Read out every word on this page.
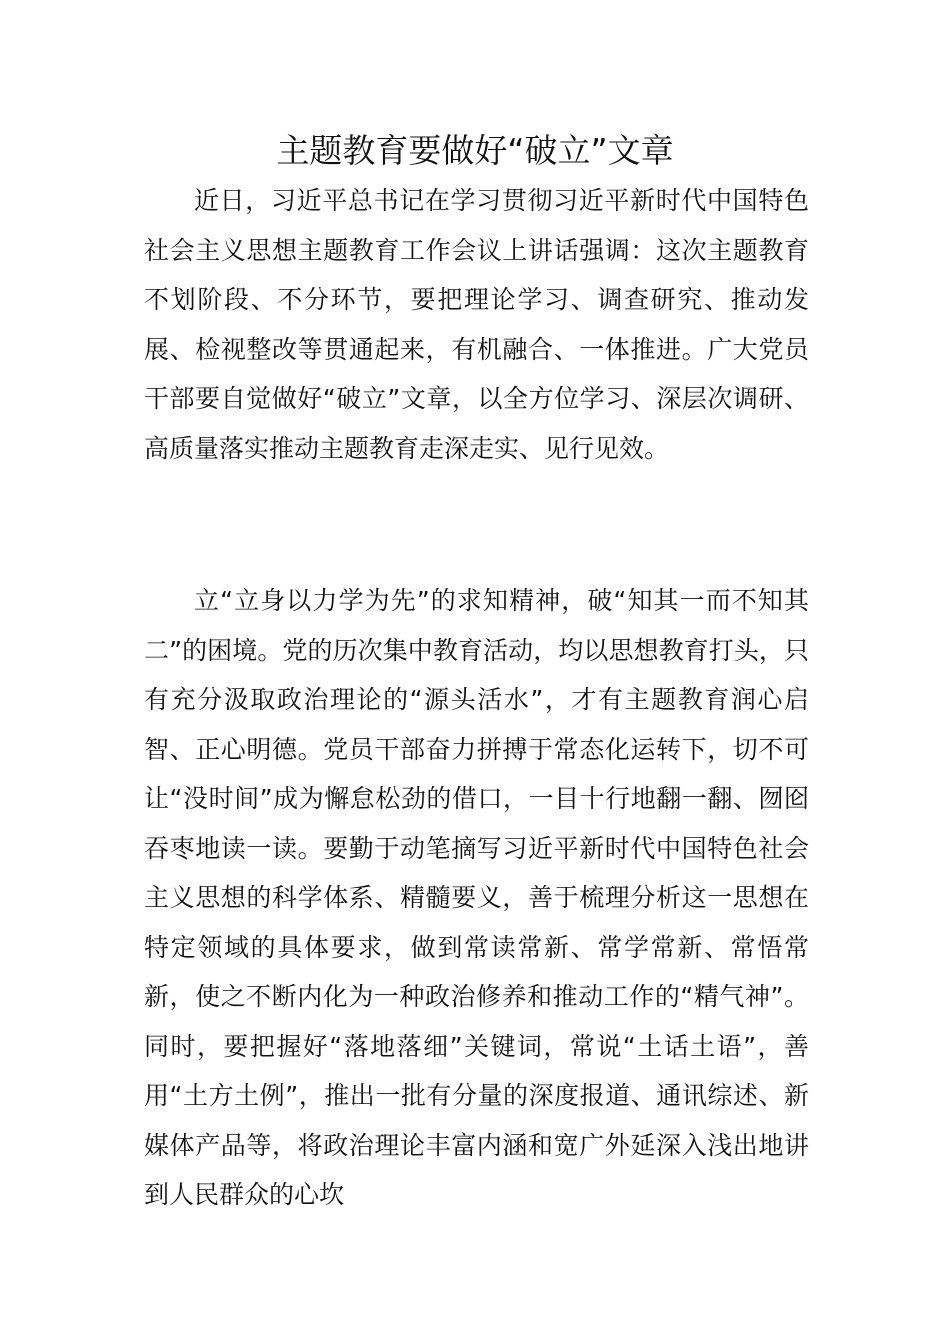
主题教育要做好“破立”文章

近日，习近平总书记在学习贯彻习近平新时代中国特色社会主义思想主题教育工作会议上讲话强调：这次主题教育不划阶段、不分环节，要把理论学习、调查研究、推动发展、检视整改等贯通起来，有机融合、一体推进。广大党员干部要自觉做好“破立”文章，以全方位学习、深层次调研、高质量落实推动主题教育走深走实、见行见效。

立“立身以力学为先”的求知精神，破“知其一而不知其二”的困境。党的历次集中教育活动，均以思想教育打头，只有充分汲取政治理论的“源头活水”，才有主题教育润心启智、正心明德。党员干部奋力拼搏于常态化运转下，切不可让“没时间”成为懈怠松劲的借口，一目十行地翻一翻、囫囵吞枣地读一读。要勤于动笔摘写习近平新时代中国特色社会主义思想的科学体系、精髓要义，善于梳理分析这一思想在特定领域的具体要求，做到常读常新、常学常新、常悟常新，使之不断内化为一种政治修养和推动工作的“精气神”。同时，要把握好“落地落细”关键词，常说“土话土语”，善用“土方土例”，推出一批有分量的深度报道、通讯综述、新媒体产品等，将政治理论丰富内涵和宽广外延深入浅出地讲到人民群众的心坎
